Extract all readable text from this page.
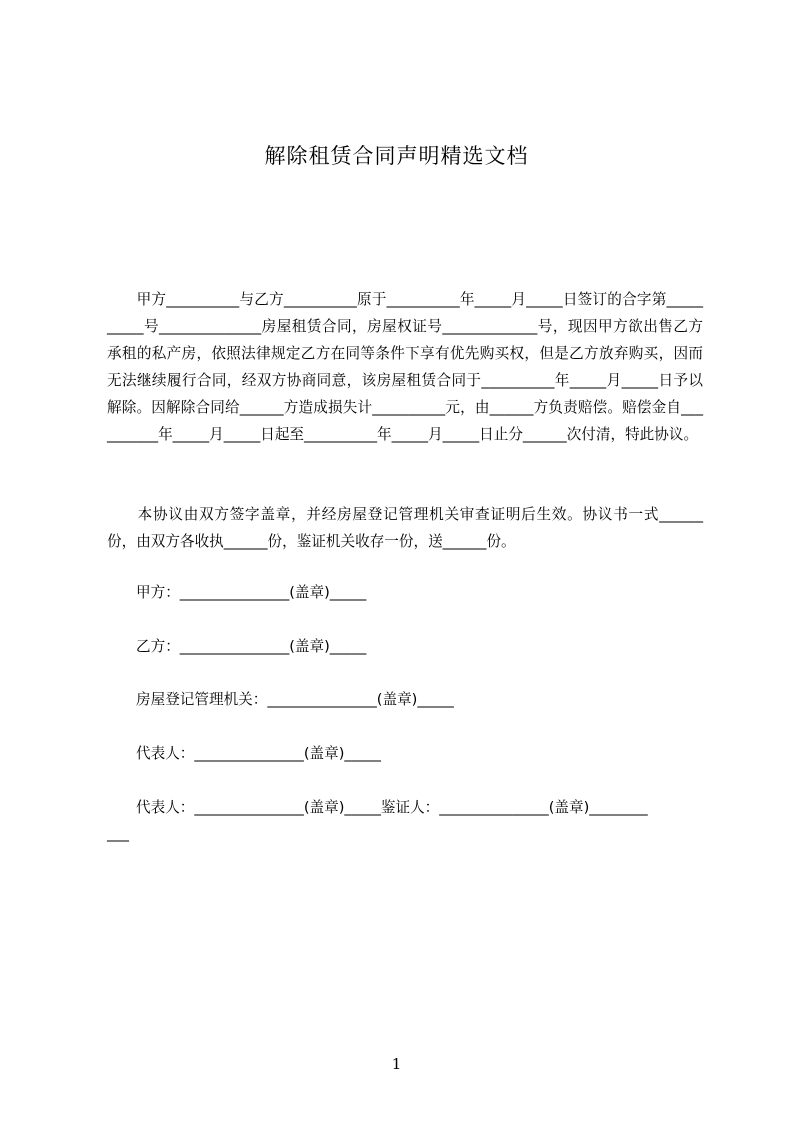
解除租赁合同声明精选文档
　　甲方__________与乙方__________原于__________年_____月_____日签订的合字第__________号______________房屋租赁合同，房屋权证号_____________号，现因甲方欲出售乙方承租的私产房，依照法律规定乙方在同等条件下享有优先购买权，但是乙方放弃购买，因而无法继续履行合同，经双方协商同意，该房屋租赁合同于__________年_____月_____日予以解除。因解除合同给______方造成损失计__________元，由______方负责赔偿。赔偿金自__________年_____月_____日起至__________年_____月_____日止分______次付清，特此协议。
　　本协议由双方签字盖章，并经房屋登记管理机关审查证明后生效。协议书一式______份，由双方各收执______份，鉴证机关收存一份，送______份。
甲方：_______________(盖章)_____
乙方：_______________(盖章)_____
房屋登记管理机关：_______________(盖章)_____
代表人：_______________(盖章)_____
代表人：_______________(盖章)_____鉴证人：_______________(盖章)________
___
1
